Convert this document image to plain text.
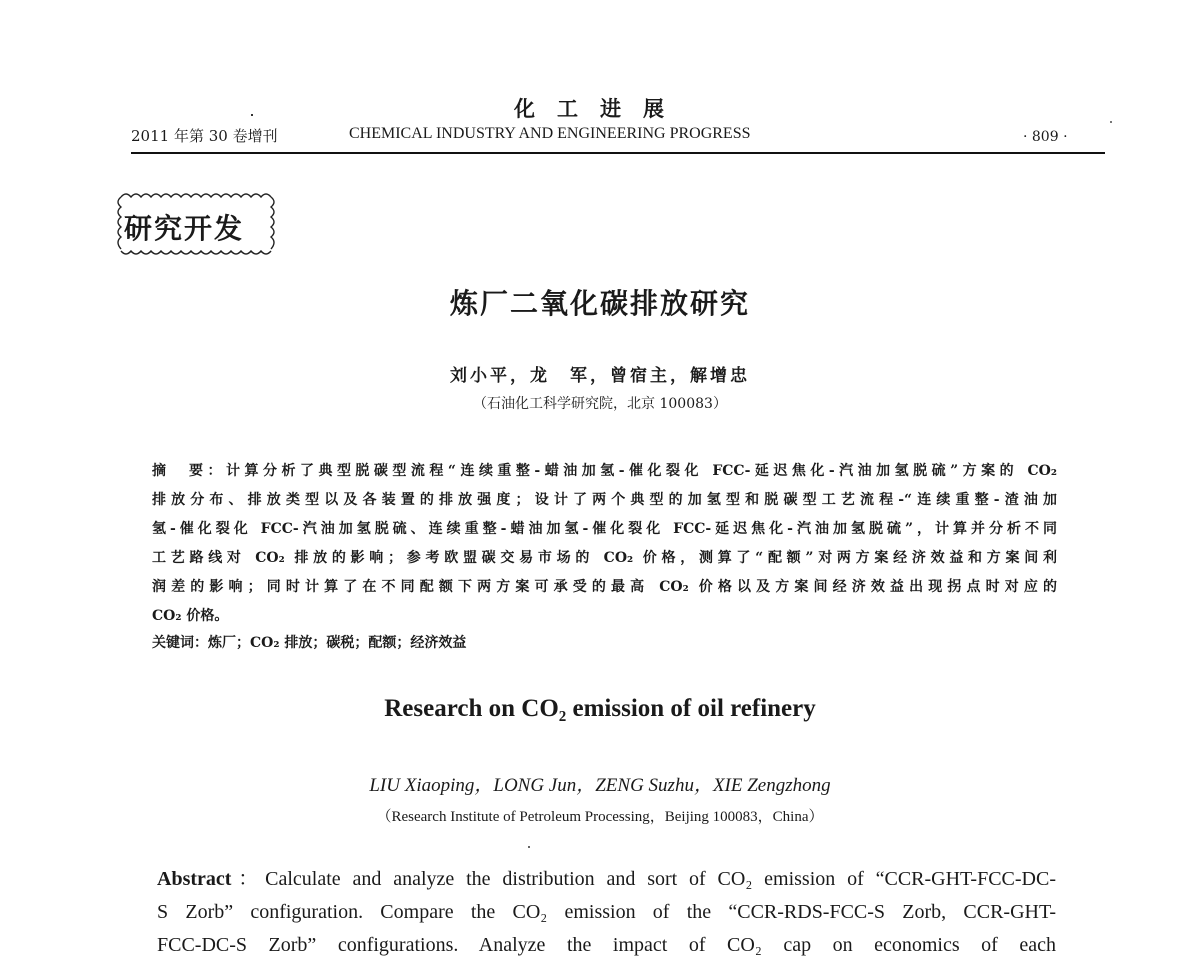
化工进展
2011 年第 30 卷增刊	CHEMICAL INDUSTRY AND ENGINEERING PROGRESS	· 809 ·
研究开发
炼厂二氧化碳排放研究
刘小平，龙　军，曾宿主，解增忠
（石油化工科学研究院，北京 100083）
摘　要：计算分析了典型脱碳型流程“连续重整-蜡油加氢-催化裂化 FCC-延迟焦化-汽油加氢脱硫”方案的 CO₂
排放分布、排放类型以及各装置的排放强度；设计了两个典型的加氢型和脱碳型工艺流程-“连续重整-渣油加
氢-催化裂化 FCC-汽油加氢脱硫、连续重整-蜡油加氢-催化裂化 FCC-延迟焦化-汽油加氢脱硫”，计算并分析不同
工艺路线对 CO₂ 排放的影响；参考欧盟碳交易市场的 CO₂ 价格，测算了“配额”对两方案经济效益和方案间利
润差的影响；同时计算了在不同配额下两方案可承受的最高 CO₂ 价格以及方案间经济效益出现拐点时对应的
CO₂ 价格。
关键词：炼厂；CO₂ 排放；碳税；配额；经济效益
Research on CO₂ emission of oil refinery
LIU Xiaoping，LONG Jun，ZENG Suzhu，XIE Zengzhong
（Research Institute of Petroleum Processing，Beijing 100083，China）
Abstract：Calculate and analyze the distribution and sort of CO₂ emission of “CCR-GHT-FCC-DC-
S Zorb” configuration. Compare the CO₂ emission of the “CCR-RDS-FCC-S Zorb, CCR-GHT-
FCC-DC-S Zorb” configurations. Analyze the impact of CO₂ cap on economics of each
